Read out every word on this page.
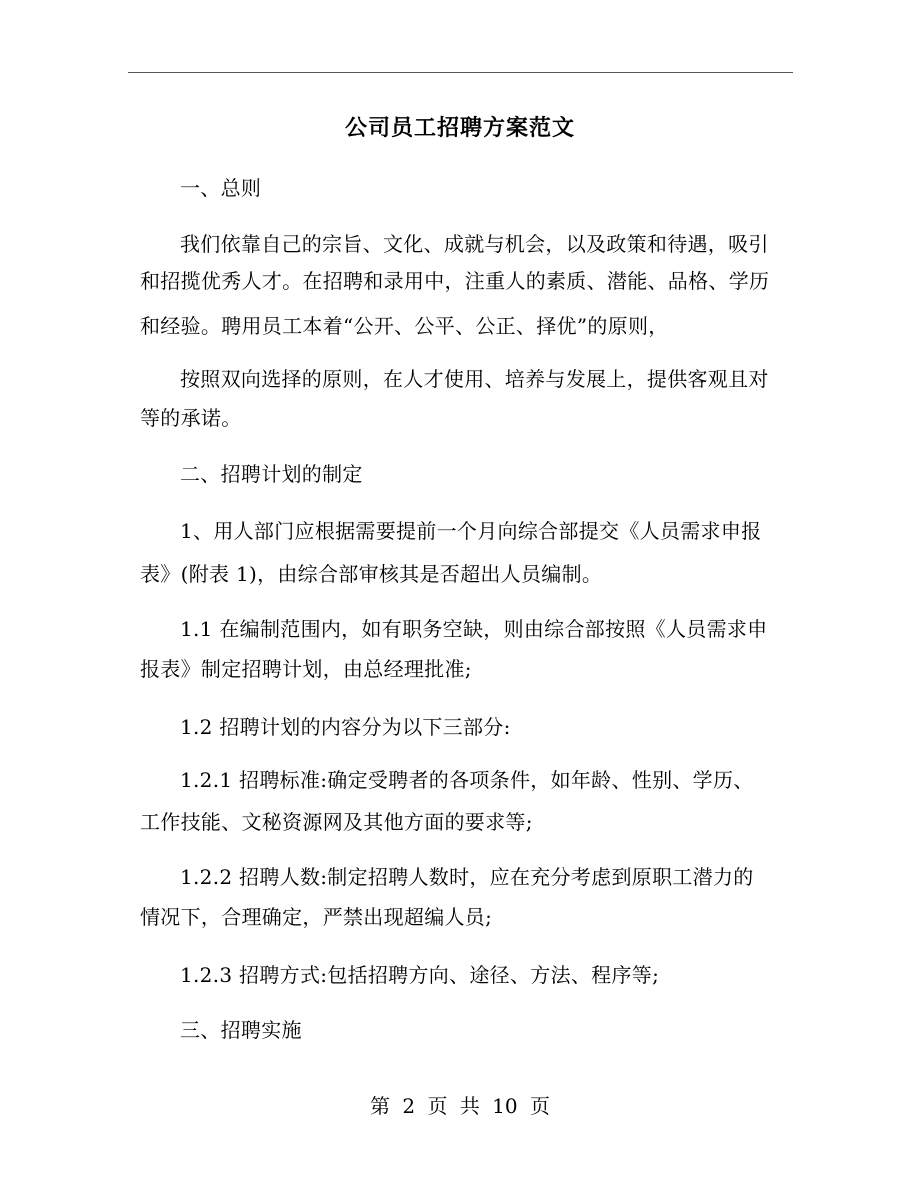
公司员工招聘方案范文
一、总则
我们依靠自己的宗旨、文化、成就与机会，以及政策和待遇，吸引
和招揽优秀人才。在招聘和录用中，注重人的素质、潜能、品格、学历
和经验。聘用员工本着“公开、公平、公正、择优”的原则，
按照双向选择的原则，在人才使用、培养与发展上，提供客观且对
等的承诺。
二、招聘计划的制定
1、用人部门应根据需要提前一个月向综合部提交《人员需求申报
表》(附表 1)，由综合部审核其是否超出人员编制。
1.1 在编制范围内，如有职务空缺，则由综合部按照《人员需求申
报表》制定招聘计划，由总经理批准;
1.2 招聘计划的内容分为以下三部分:
1.2.1 招聘标准:确定受聘者的各项条件，如年龄、性别、学历、
工作技能、文秘资源网及其他方面的要求等;
1.2.2 招聘人数:制定招聘人数时，应在充分考虑到原职工潜力的
情况下，合理确定，严禁出现超编人员;
1.2.3 招聘方式:包括招聘方向、途径、方法、程序等;
三、招聘实施
第 2 页 共 10 页
